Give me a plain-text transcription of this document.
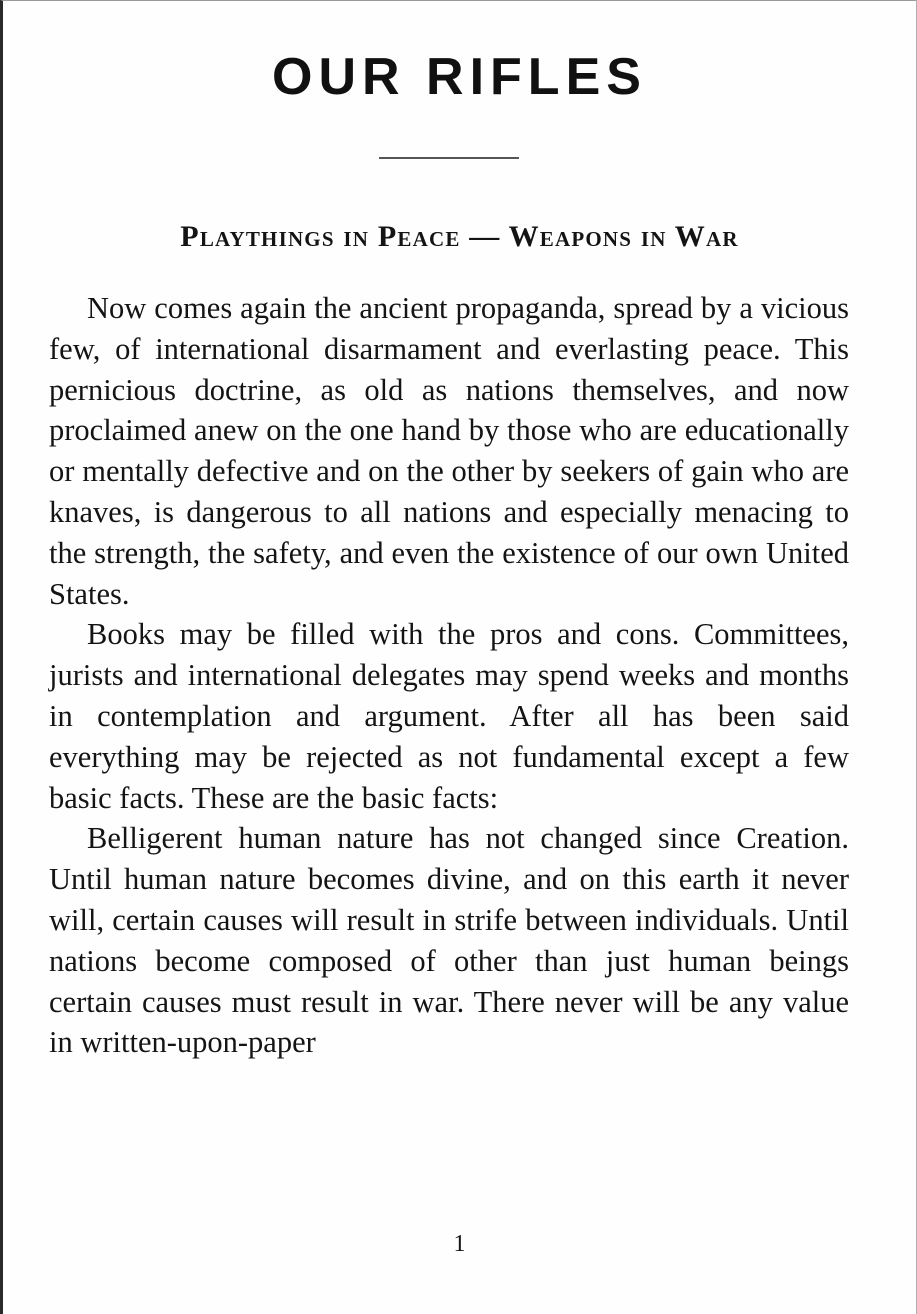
OUR RIFLES
Playthings in Peace — Weapons in War

Now comes again the ancient propaganda, spread by a vicious few, of international disarmament and everlasting peace. This pernicious doctrine, as old as nations themselves, and now proclaimed anew on the one hand by those who are educationally or mentally defective and on the other by seekers of gain who are knaves, is dangerous to all nations and especially menacing to the strength, the safety, and even the existence of our own United States.

Books may be filled with the pros and cons. Committees, jurists and international delegates may spend weeks and months in contemplation and argument. After all has been said everything may be rejected as not fundamental except a few basic facts. These are the basic facts:

Belligerent human nature has not changed since Creation. Until human nature becomes divine, and on this earth it never will, certain causes will result in strife between individuals. Until nations become composed of other than just human beings certain causes must result in war. There never will be any value in written-upon-paper

1
